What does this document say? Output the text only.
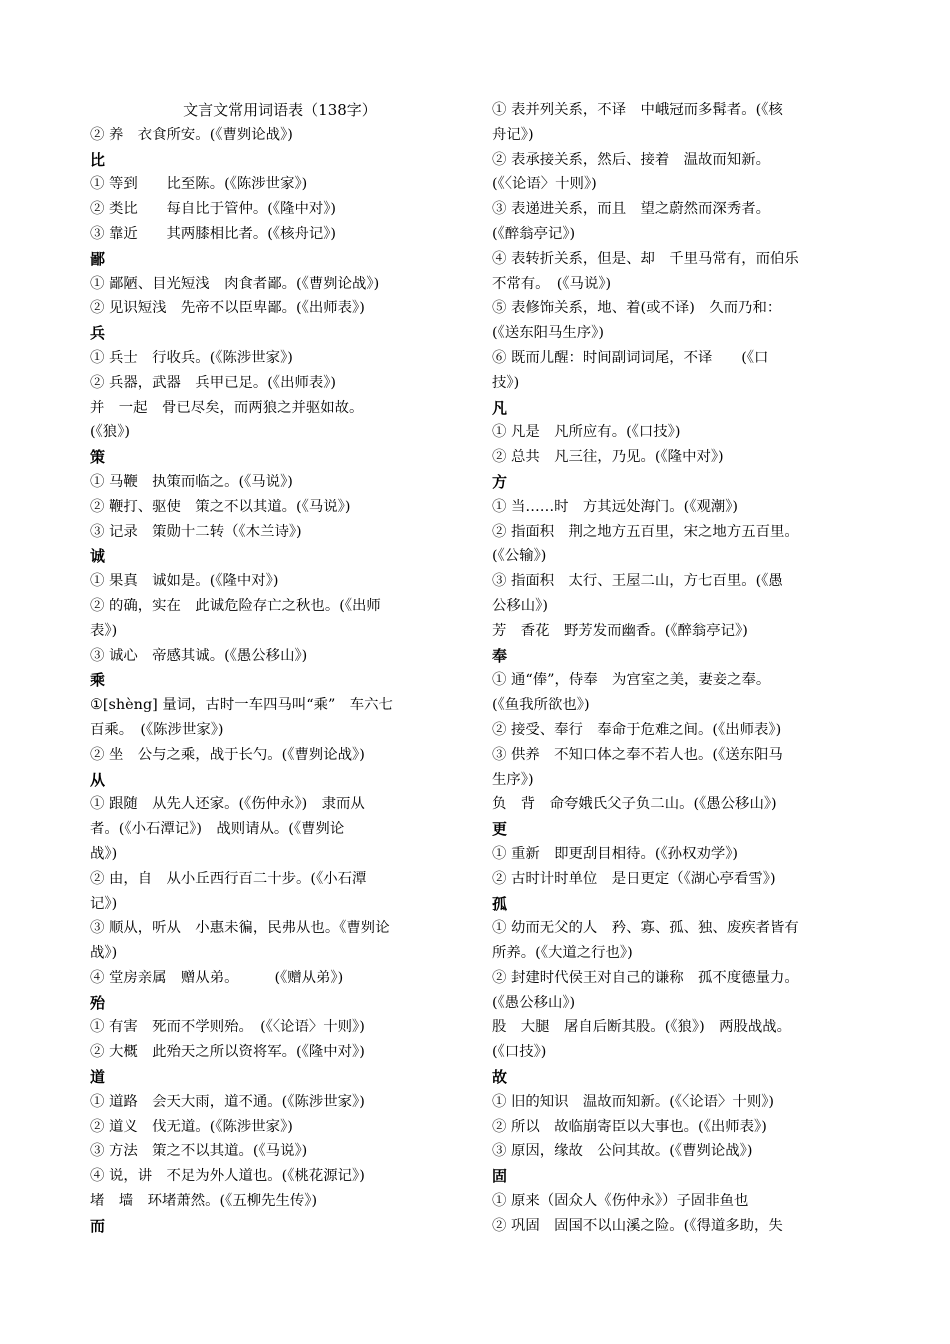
文言文常用词语表（138字）
② 养　衣食所安。(《曹刿论战》)
比
① 等到　　比至陈。(《陈涉世家》)
② 类比　　每自比于管仲。(《隆中对》)
③ 靠近　　其两膝相比者。(《核舟记》)
鄙
① 鄙陋、目光短浅　肉食者鄙。(《曹刿论战》)
② 见识短浅　先帝不以臣卑鄙。(《出师表》)
兵
① 兵士　行收兵。(《陈涉世家》)
② 兵器，武器　兵甲已足。(《出师表》)
并　一起　骨已尽矣，而两狼之并驱如故。
(《狼》)
策
① 马鞭　执策而临之。(《马说》)
② 鞭打、驱使　策之不以其道。(《马说》)
③ 记录　策勋十二转（《木兰诗》)
诚
① 果真　诚如是。(《隆中对》)
② 的确，实在　此诚危险存亡之秋也。(《出师
表》)
③ 诚心　帝感其诚。(《愚公移山》)
乘
①[shèng] 量词，古时一车四马叫“乘”　车六七
百乘。　(《陈涉世家》)
② 坐　公与之乘，战于长勺。(《曹刿论战》)
从
① 跟随　从先人还家。(《伤仲永》)　隶而从
者。(《小石潭记》)　战则请从。(《曹刿论
战》)
② 由，自　从小丘西行百二十步。(《小石潭
记》)
③ 顺从，听从　小惠未徧，民弗从也。《曹刿论
战》)
④ 堂房亲属　赠从弟。　　　(《赠从弟》)
殆
① 有害　死而不学则殆。　(《〈论语〉十则》)
② 大概　此殆天之所以资将军。(《隆中对》)
道
① 道路　会天大雨，道不通。(《陈涉世家》)
② 道义　伐无道。(《陈涉世家》)
③ 方法　策之不以其道。(《马说》)
④ 说，讲　不足为外人道也。(《桃花源记》)
堵　墙　环堵萧然。(《五柳先生传》)
而
① 表并列关系，不译　中峨冠而多髯者。(《核
舟记》)
② 表承接关系，然后、接着　温故而知新。
(《〈论语〉十则》)
③ 表递进关系，而且　望之蔚然而深秀者。
(《醉翁亭记》)
④ 表转折关系，但是、却　千里马常有，而伯乐
不常有。　(《马说》)
⑤ 表修饰关系，地、着(或不译)　久而乃和：
(《送东阳马生序》)
⑥ 既而儿醒：时间副词词尾，不译　　(《口
技》)
凡
① 凡是　凡所应有。(《口技》)
② 总共　凡三往，乃见。(《隆中对》)
方
① 当……时　方其远处海门。(《观潮》)
② 指面积　荆之地方五百里，宋之地方五百里。
(《公输》)
③ 指面积　太行、王屋二山，方七百里。(《愚
公移山》)
芳　香花　野芳发而幽香。(《醉翁亭记》)
奉
① 通“俸”，侍奉　为宫室之美，妻妾之奉。
(《鱼我所欲也》)
② 接受、奉行　奉命于危难之间。(《出师表》)
③ 供养　不知口体之奉不若人也。(《送东阳马
生序》)
负　背　命夸娥氏父子负二山。(《愚公移山》)
更
① 重新　即更刮目相待。(《孙权劝学》)
② 古时计时单位　是日更定（《湖心亭看雪》)
孤
① 幼而无父的人　矜、寡、孤、独、废疾者皆有
所养。(《大道之行也》)
② 封建时代侯王对自己的谦称　孤不度德量力。
(《愚公移山》)
股　大腿　屠自后断其股。(《狼》)　两股战战。
(《口技》)
故
① 旧的知识　温故而知新。(《〈论语〉十则》)
② 所以　故临崩寄臣以大事也。(《出师表》)
③ 原因，缘故　公问其故。(《曹刿论战》)
固
① 原来（固众人《伤仲永》）子固非鱼也
② 巩固　固国不以山溪之险。(《得道多助，失
